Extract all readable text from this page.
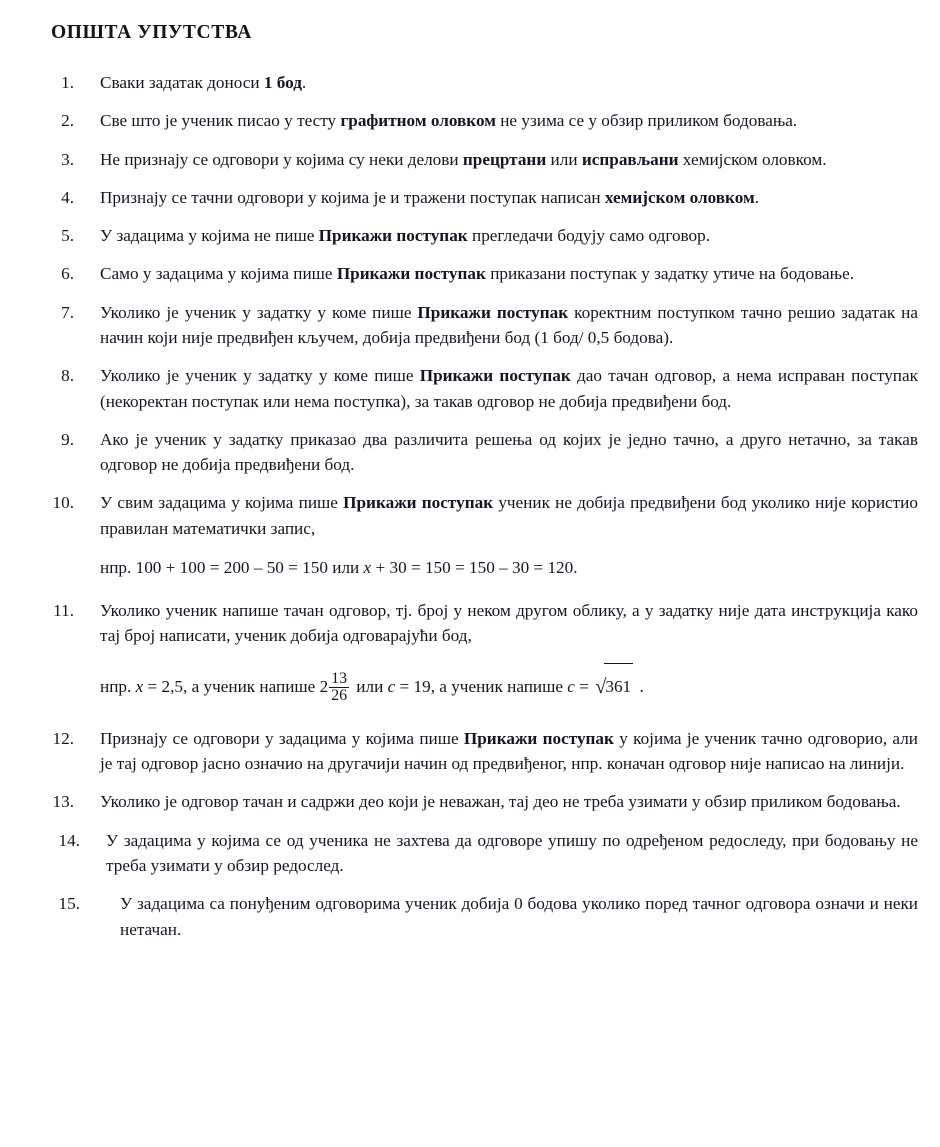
ОПШТА УПУТСТВА
1. Сваки задатак доноси 1 бод.
2. Све што је ученик писао у тесту графитном оловком не узима се у обзир приликом бодовања.
3. Не признају се одговори у којима су неки делови прецртани или исправљани хемијском оловком.
4. Признају се тачни одговори у којима је и тражени поступак написан хемијском оловком.
5. У задацима у којима не пише Прикажи поступак прегледачи бодују само одговор.
6. Само у задацима у којима пише Прикажи поступак приказани поступак у задатку утиче на бодовање.
7. Уколико је ученик у задатку у коме пише Прикажи поступак коректним поступком тачно решио задатак на начин који није предвиђен кључем, добија предвиђени бод (1 бод/ 0,5 бодова).
8. Уколико је ученик у задатку у коме пише Прикажи поступак дао тачан одговор, а нема исправан поступак (некоректан поступак или нема поступка), за такав одговор не добија предвиђени бод.
9. Ако је ученик у задатку приказао два различита решења од којих је једно тачно, а друго нетачно, за такав одговор не добија предвиђени бод.
10. У свим задацима у којима пише Прикажи поступак ученик не добија предвиђени бод уколико није користио правилан математички запис,
нпр. 100 + 100 = 200 – 50 = 150 или x + 30 = 150 = 150 – 30 = 120.
11. Уколико ученик напише тачан одговор, тј. број у неком другом облику, а у задатку није дата инструкција како тај број написати, ученик добија одговарајући бод,
нпр. x = 2,5, а ученик напише $2 \frac{13}{26}$ или c = 19, а ученик напише c = √361 .
12. Признају се одговори у задацима у којима пише Прикажи поступак у којима је ученик тачно одговорио, али је тај одговор јасно означио на другачији начин од предвиђеног, нпр. коначан одговор није написао на линији.
13. Уколико је одговор тачан и садржи део који је неважан, тај део не треба узимати у обзир приликом бодовања.
14. У задацима у којима се од ученика не захтева да одговоре упишу по одређеном редоследу, при бодовању не треба узимати у обзир редослед.
15.	У задацима са понуђеним одговорима ученик добија 0 бодова уколико поред тачног одговора означи и неки нетачан.
